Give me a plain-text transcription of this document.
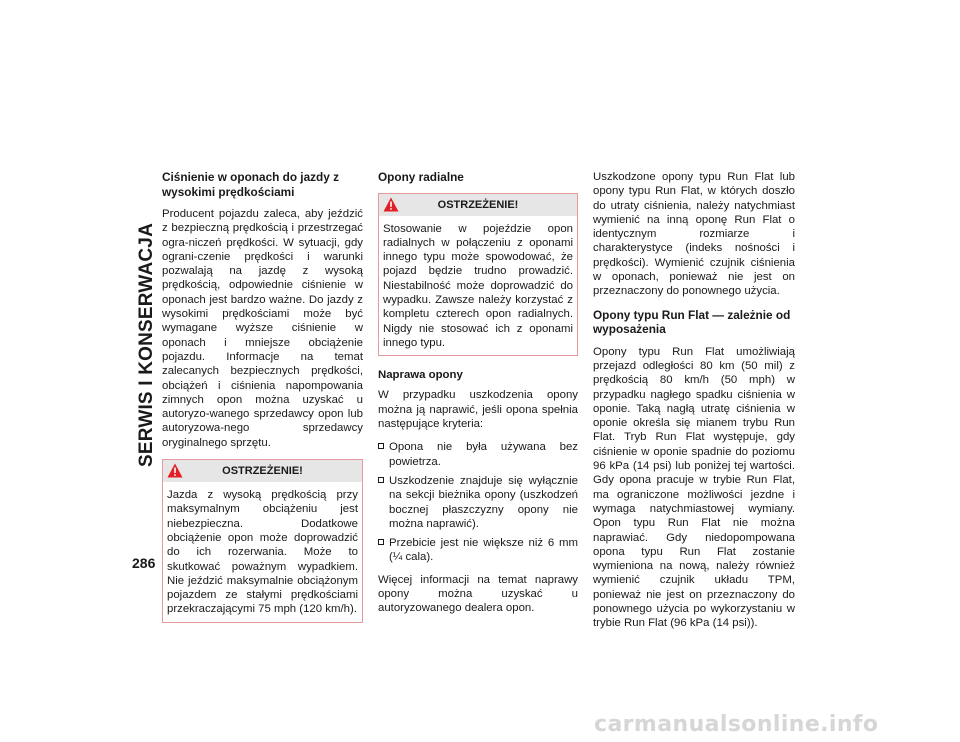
SERWIS I KONSERWACJA
286
Ciśnienie w oponach do jazdy z wysokimi prędkościami

Producent pojazdu zaleca, aby jeździć z bezpieczną prędkością i przestrzegać ogra-niczeń prędkości. W sytuacji, gdy ograni-czenie prędkości i warunki pozwalają na jazdę z wysoką prędkością, odpowiednie ciśnienie w oponach jest bardzo ważne. Do jazdy z wysokimi prędkościami może być wymagane wyższe ciśnienie w oponach i mniejsze obciążenie pojazdu. Informacje na temat zalecanych bezpiecznych prędkości, obciążeń i ciśnienia napompowania zimnych opon można uzyskać u autoryzo-wanego sprzedawcy opon lub autoryzowa-nego sprzedawcy oryginalnego sprzętu.

OSTRZEŻENIE!
Jazda z wysoką prędkością przy maksymalnym obciążeniu jest niebezpieczna. Dodatkowe obciążenie opon może doprowadzić do ich rozerwania. Może to skutkować poważnym wypadkiem. Nie jeździć maksymalnie obciążonym pojazdem ze stałymi prędkościami przekraczającymi 75 mph (120 km/h).
Opony radialne
OSTRZEŻENIE!
Stosowanie w pojeździe opon radialnych w połączeniu z oponami innego typu może spowodować, że pojazd będzie trudno prowadzić. Niestabilność może doprowadzić do wypadku. Zawsze należy korzystać z kompletu czterech opon radialnych. Nigdy nie stosować ich z oponami innego typu.
Naprawa opony

W przypadku uszkodzenia opony można ją naprawić, jeśli opona spełnia następujące kryteria:

Opona nie była używana bez powietrza.
Uszkodzenie znajduje się wyłącznie na sekcji bieżnika opony (uszkodzeń bocznej płaszczyzny opony nie można naprawić).
Przebicie jest nie większe niż 6 mm (¼ cala).

Więcej informacji na temat naprawy opony można uzyskać u autoryzowanego dealera opon.

Uszkodzone opony typu Run Flat lub opony typu Run Flat, w których doszło do utraty ciśnienia, należy natychmiast wymienić na inną oponę Run Flat o identycznym rozmiarze i charakterystyce (indeks nośności i prędkości). Wymienić czujnik ciśnienia w oponach, ponieważ nie jest on przeznaczony do ponownego użycia.

Opony typu Run Flat — zależnie od wyposażenia

Opony typu Run Flat umożliwiają przejazd odległości 80 km (50 mil) z prędkością 80 km/h (50 mph) w przypadku nagłego spadku ciśnienia w oponie. Taką nagłą utratę ciśnienia w oponie określa się mianem trybu Run Flat. Tryb Run Flat występuje, gdy ciśnienie w oponie spadnie do poziomu 96 kPa (14 psi) lub poniżej tej wartości. Gdy opona pracuje w trybie Run Flat, ma ograniczone możliwości jezdne i wymaga natychmiastowej wymiany. Opon typu Run Flat nie można naprawiać. Gdy niedopompowana opona typu Run Flat zostanie wymieniona na nową, należy również wymienić czujnik układu TPM, ponieważ nie jest on przeznaczony do ponownego użycia po wykorzystaniu w trybie Run Flat (96 kPa (14 psi)).

carmanualsonline.info
